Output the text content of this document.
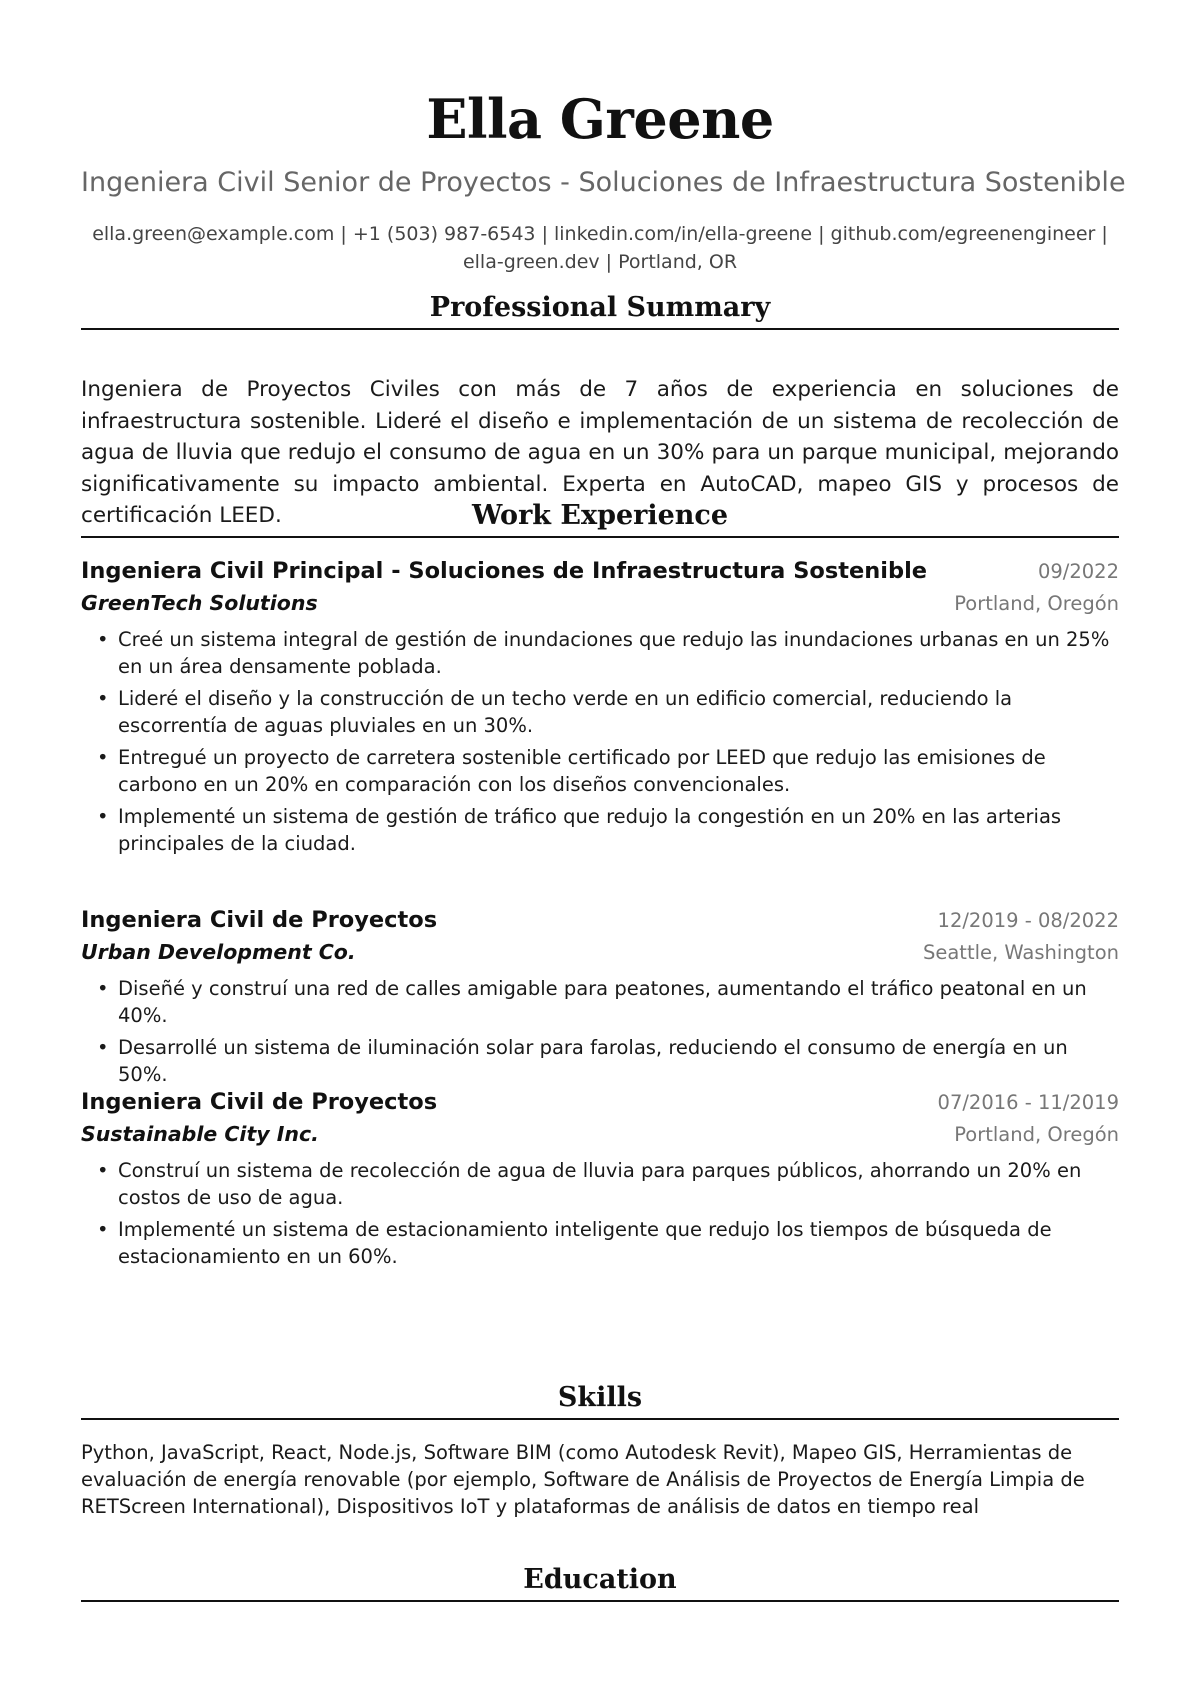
Ella Greene
Ingeniera Civil Senior de Proyectos - Soluciones de Infraestructura Sostenible
ella.green@example.com | +1 (503) 987-6543 | linkedin.com/in/ella-greene | github.com/egreenengineer |
ella-green.dev | Portland, OR
Professional Summary
Ingeniera de Proyectos Civiles con más de 7 años de experiencia en soluciones de infraestructura sostenible. Lideré el diseño e implementación de un sistema de recolección de agua de lluvia que redujo el consumo de agua en un 30% para un parque municipal, mejorando significativamente su impacto ambiental. Experta en AutoCAD, mapeo GIS y procesos de certificación LEED.	Work Experience
Ingeniera Civil Principal - Soluciones de Infraestructura Sostenible	09/2022
GreenTech Solutions	Portland, Oregón
• Creé un sistema integral de gestión de inundaciones que redujo las inundaciones urbanas en un 25% en un área densamente poblada.
• Lideré el diseño y la construcción de un techo verde en un edificio comercial, reduciendo la escorrentía de aguas pluviales en un 30%.
• Entregué un proyecto de carretera sostenible certificado por LEED que redujo las emisiones de carbono en un 20% en comparación con los diseños convencionales.
• Implementé un sistema de gestión de tráfico que redujo la congestión en un 20% en las arterias principales de la ciudad.
Ingeniera Civil de Proyectos	12/2019 - 08/2022
Urban Development Co.	Seattle, Washington
• Diseñé y construí una red de calles amigable para peatones, aumentando el tráfico peatonal en un 40%.
• Desarrollé un sistema de iluminación solar para farolas, reduciendo el consumo de energía en un 50%.
Ingeniera Civil de Proyectos	07/2016 - 11/2019
Sustainable City Inc.	Portland, Oregón
• Construí un sistema de recolección de agua de lluvia para parques públicos, ahorrando un 20% en costos de uso de agua.
• Implementé un sistema de estacionamiento inteligente que redujo los tiempos de búsqueda de estacionamiento en un 60%.
Skills
Python, JavaScript, React, Node.js, Software BIM (como Autodesk Revit), Mapeo GIS, Herramientas de evaluación de energía renovable (por ejemplo, Software de Análisis de Proyectos de Energía Limpia de RETScreen International), Dispositivos IoT y plataformas de análisis de datos en tiempo real
Education
